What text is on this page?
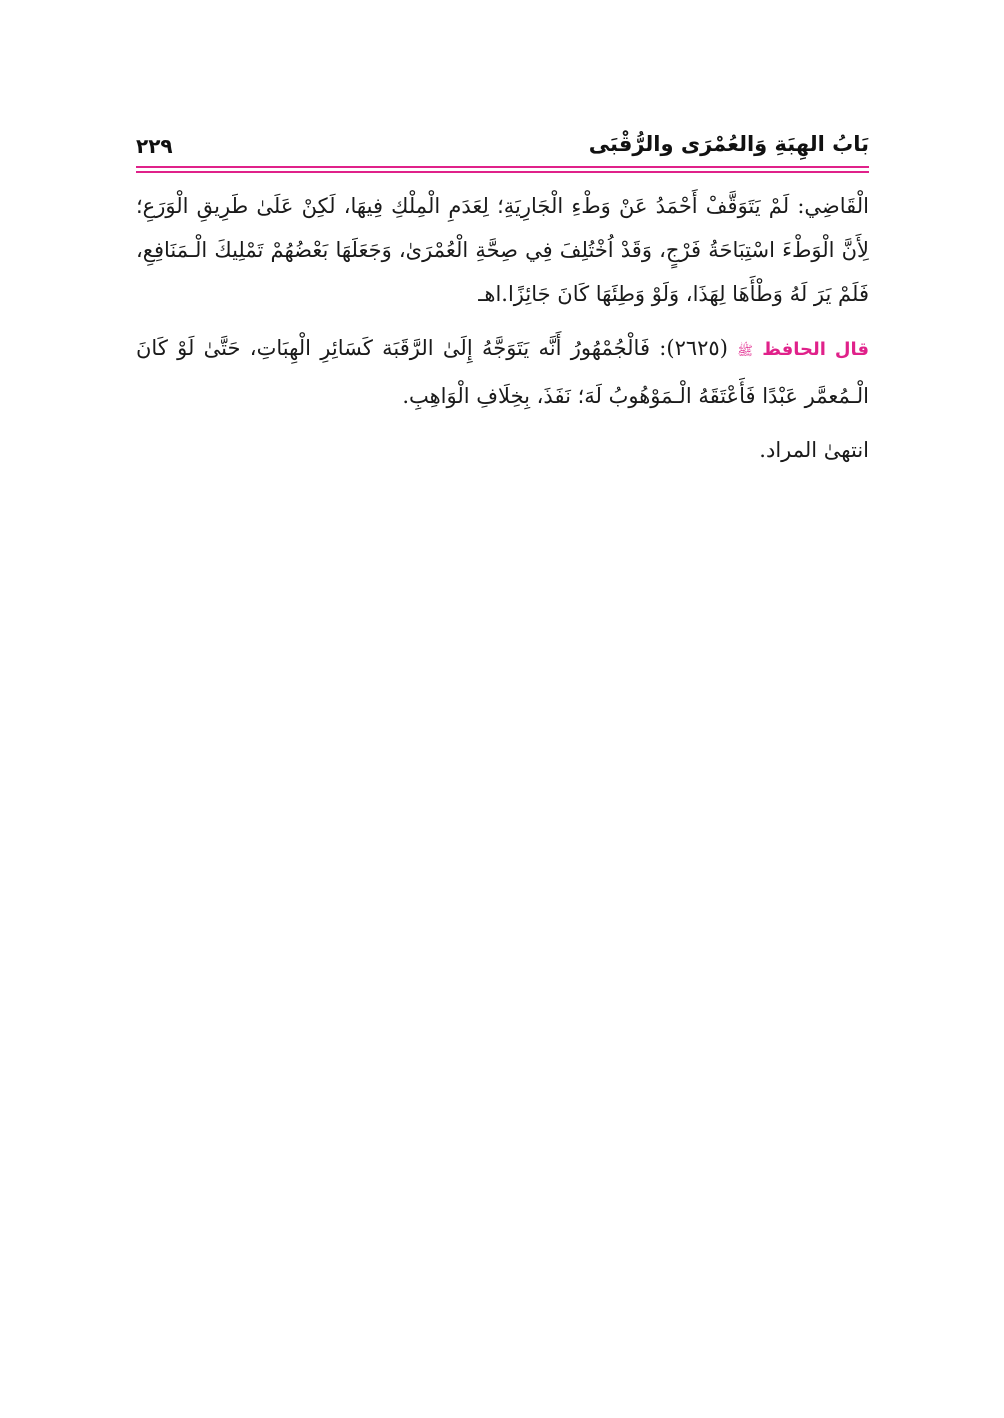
بَابُ الهِبَةِ وَالعُمْرَى والرُّقْبَى
٢٢٩

الْقَاضِي: لَمْ يَتَوَقَّفْ أَحْمَدُ عَنْ وَطْءِ الْجَارِيَةِ؛ لِعَدَمِ الْمِلْكِ فِيهَا، لَكِنْ عَلَىٰ طَرِيقِ الْوَرَعِ؛ لِأَنَّ الْوَطْءَ اسْتِبَاحَةُ فَرْجٍ، وَقَدْ اُخْتُلِفَ فِي صِحَّةِ الْعُمْرَىٰ، وَجَعَلَهَا بَعْضُهُمْ تَمْلِيكَ الْـمَنَافِعِ، فَلَمْ يَرَ لَهُ وَطْأَهَا لِهَذَا، وَلَوْ وَطِئَهَا كَانَ جَائِزًا.اهـ

قال الحافظ ﷺ (٢٦٢٥): فَالْجُمْهُورُ أَنَّه يَتَوَجَّهُ إِلَىٰ الرَّقَبَة كَسَائِرِ الْهِبَاتِ، حَتَّىٰ لَوْ كَانَ الْـمُعمَّر عَبْدًا فَأَعْتَقَهُ الْـمَوْهُوبُ لَهَ؛ نَفَذَ، بِخِلَافِ الْوَاهِبِ.

انتهىٰ المراد.
